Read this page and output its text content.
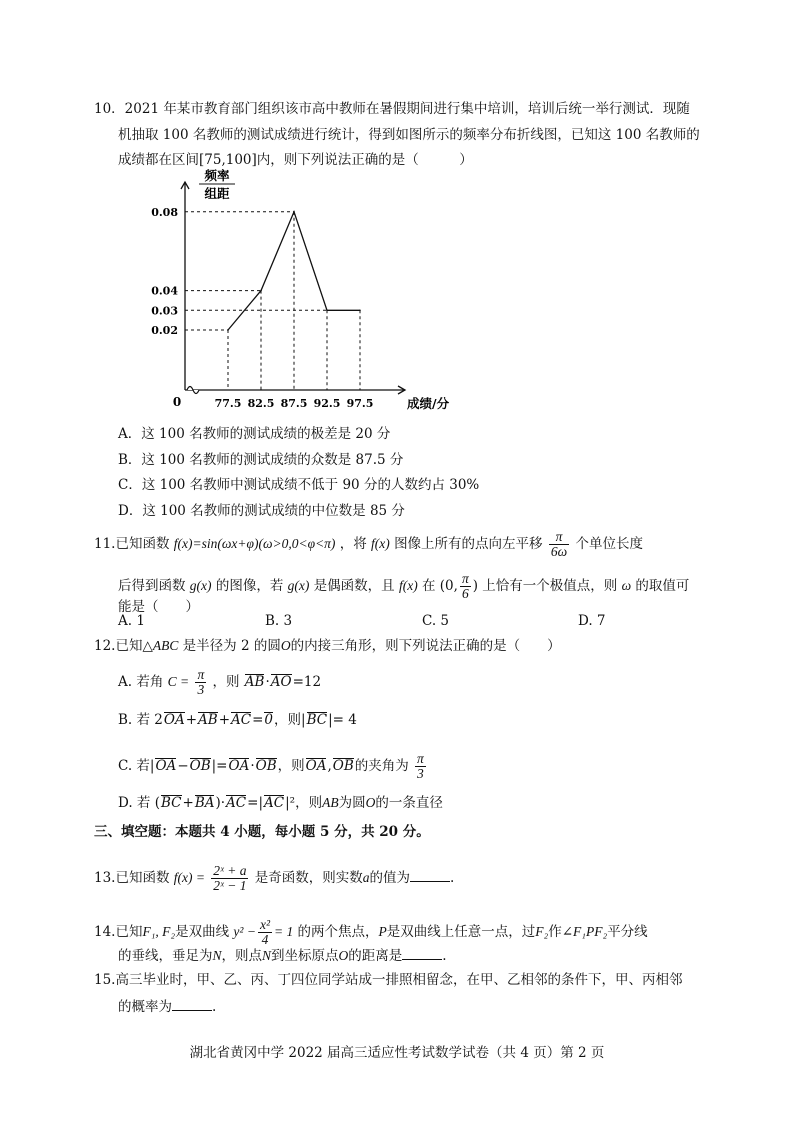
10．2021 年某市教育部门组织该市高中教师在暑假期间进行集中培训，培训后统一举行测试．现随
机抽取 100 名教师的测试成绩进行统计，得到如图所示的频率分布折线图，已知这 100 名教师的
成绩都在区间[75,100]内，则下列说法正确的是（　　　）
0
频率
组距
成绩/分
0.02
0.03
0.04
0.08
77.5 82.5 87.5 92.5 97.5
A．这 100 名教师的测试成绩的极差是 20 分
B．这 100 名教师的测试成绩的众数是 87.5 分
C．这 100 名教师中测试成绩不低于 90 分的人数约占 30%
D．这 100 名教师的测试成绩的中位数是 85 分
11.已知函数 f(x)=sin(ωx+φ)(ω>0,0<φ<π) ，将 f(x) 图像上所有的点向左平移 $\frac{\pi}{6\omega}$ 个单位长度
后得到函数 g(x) 的图像，若 g(x) 是偶函数，且 f(x) 在 (0, $\frac{\pi}{6}$ ) 上恰有一个极值点，则 ω 的取值可
能是（　　）
A. 1	B. 3	C. 5	D. 7
12.已知△ABC 是半径为 2 的圆O的内接三角形，则下列说法正确的是（　　）
A. 若角 $C = \frac{\pi}{3}$ ，则 AB·AO=12
B. 若 2OA+AB+AC=0，则|BC|= 4
C. 若|OA−OB|=OA·OB，则OA,OB的夹角为 $\frac{\pi}{3}$
D. 若 (BC+BA)·AC=|AC|²，则AB为圆O的一条直径
三、填空题：本题共 4 小题，每小题 5 分，共 20 分。
13.已知函数 $f(x) = \frac{\text{2ˣ + a}}{\text{2ˣ − 1}}$ 是奇函数，则实数a的值为	.
14.已知F₁, F₂是双曲线 $y^2 - \frac{\text{x²}}{4} = 1$ 的两个焦点，P是双曲线上任意一点，过F₂作∠F₁PF₂平分线
的垂线，垂足为N，则点N到坐标原点O的距离是	.
15.高三毕业时，甲、乙、丙、丁四位同学站成一排照相留念，在甲、乙相邻的条件下，甲、丙相邻
的概率为	.
湖北省黄冈中学 2022 届高三适应性考试数学试卷（共 4 页）第 2 页
